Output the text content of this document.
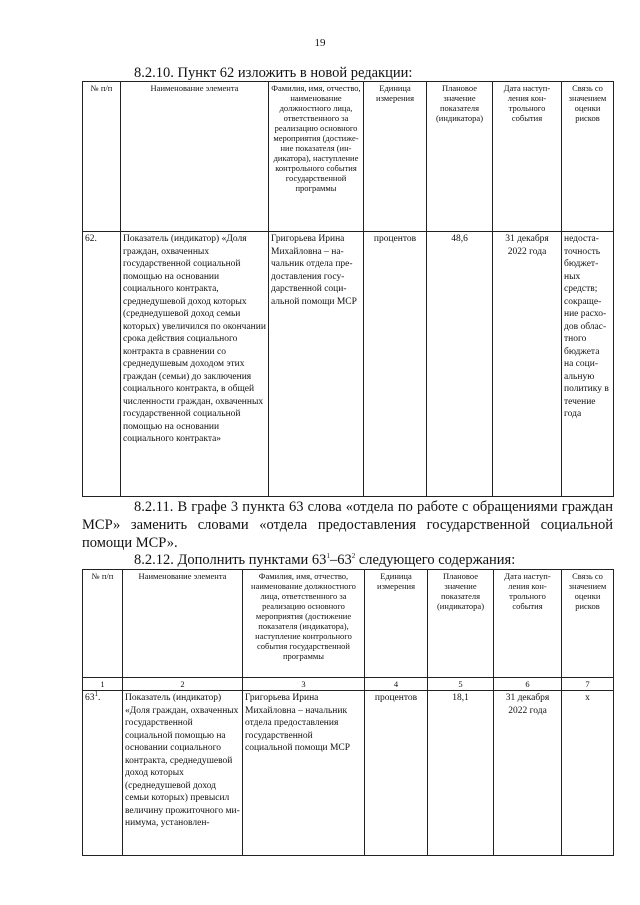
19
8.2.10. Пункт 62 изложить в новой редакции:
№ п/п	Наименование элемента	Фамилия, имя, отчество, наименование должностного лица, ответственного за реализацию основного мероприятия (достижение показателя (индикатора), наступление контрольного события государственной программы	Единица измерения	Плановое значение показателя (индикатора)	Дата наступления контрольного события	Связь со значением оценки рисков
62.	Показатель (индикатор) «Доля граждан, охваченных государственной социальной помощью на основании социального контракта, среднедушевой доход которых (среднедушевой доход семьи которых) увеличился по окончании срока действия социального контракта в сравнении со среднедушевым доходом этих граждан (семьи) до заключения социального контракта, в общей численности граждан, охваченных государственной социальной помощью на основании социального контракта»	Григорьева Ирина Михайловна – начальник отдела предоставления государственной социальной помощи МСР	процентов	48,6	31 декабря 2022 года	недостаточность бюджетных средств; сокращение расходов областного бюджета на социальную политику в течение года
8.2.11. В графе 3 пункта 63 слова «отдела по работе с обращениями граждан МСР» заменить словами «отдела предоставления государственной социальной помощи МСР».
8.2.12. Дополнить пунктами $63^1-63^2$ следующего содержания:
№ п/п	Наименование элемента	Фамилия, имя, отчество, наименование должностного лица, ответственного за реализацию основного мероприятия (достижение показателя (индикатора), наступление контрольного события государственной программы	Единица измерения	Плановое значение показателя (индикатора)	Дата наступления контрольного события	Связь со значением оценки рисков
1	2	3	4	5	6	7
$63^1$.	Показатель (индикатор) «Доля граждан, охваченных государственной социальной помощью на основании социального контракта, среднедушевой доход которых (среднедушевой доход семьи которых) превысил величину прожиточного минимума, установлен-	Григорьева Ирина Михайловна – начальник отдела предоставления государственной социальной помощи МСР	процентов	18,1	31 декабря 2022 года	х
